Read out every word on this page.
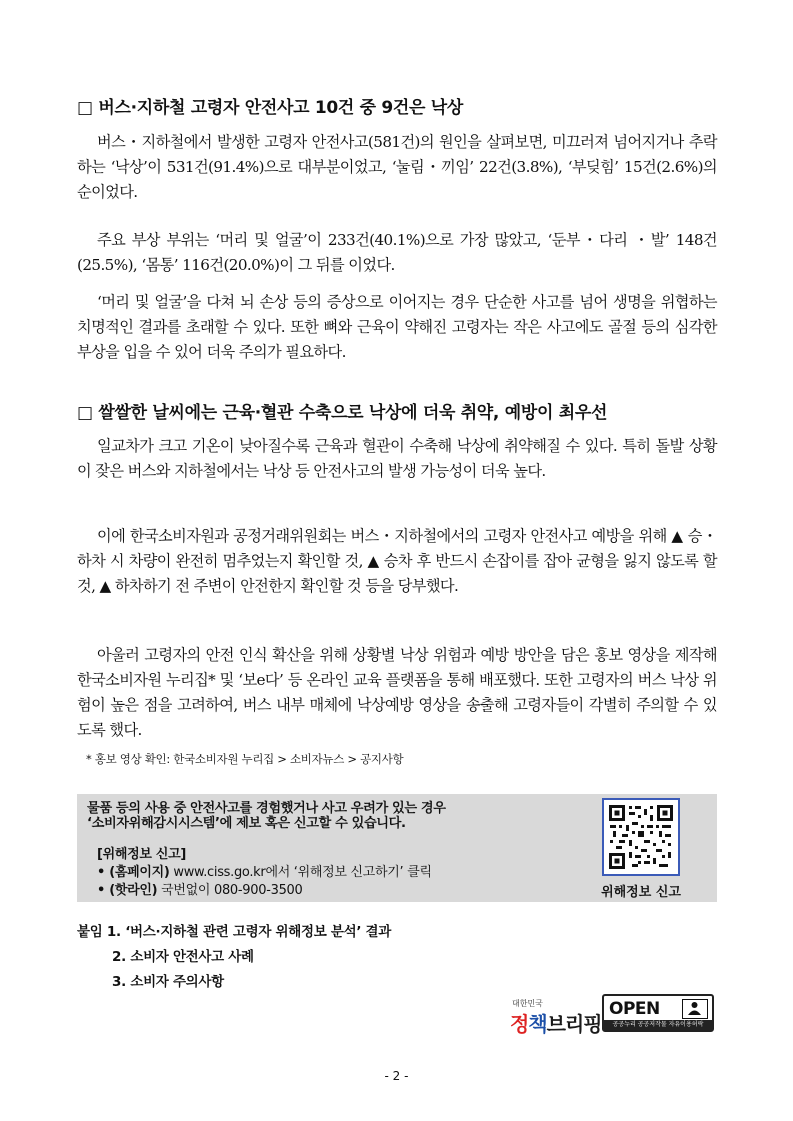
□ 버스·지하철 고령자 안전사고 10건 중 9건은 낙상

버스・지하철에서 발생한 고령자 안전사고(581건)의 원인을 살펴보면, 미끄러져 넘어지거나 추락하는 ‘낙상’이 531건(91.4%)으로 대부분이었고, ‘눌림・끼임’ 22건(3.8%), ‘부딪힘’ 15건(2.6%)의 순이었다.

주요 부상 부위는 ‘머리 및 얼굴’이 233건(40.1%)으로 가장 많았고, ‘둔부・다리 ・발’ 148건(25.5%), ‘몸통’ 116건(20.0%)이 그 뒤를 이었다.

‘머리 및 얼굴’을 다쳐 뇌 손상 등의 증상으로 이어지는 경우 단순한 사고를 넘어 생명을 위협하는 치명적인 결과를 초래할 수 있다. 또한 뼈와 근육이 약해진 고령자는 작은 사고에도 골절 등의 심각한 부상을 입을 수 있어 더욱 주의가 필요하다.

□ 쌀쌀한 날씨에는 근육·혈관 수축으로 낙상에 더욱 취약, 예방이 최우선

일교차가 크고 기온이 낮아질수록 근육과 혈관이 수축해 낙상에 취약해질 수 있다. 특히 돌발 상황이 잦은 버스와 지하철에서는 낙상 등 안전사고의 발생 가능성이 더욱 높다.

이에 한국소비자원과 공정거래위원회는 버스・지하철에서의 고령자 안전사고 예방을 위해 ▲ 승・하차 시 차량이 완전히 멈추었는지 확인할 것, ▲ 승차 후 반드시 손잡이를 잡아 균형을 잃지 않도록 할 것, ▲ 하차하기 전 주변이 안전한지 확인할 것 등을 당부했다.

아울러 고령자의 안전 인식 확산을 위해 상황별 낙상 위험과 예방 방안을 담은 홍보 영상을 제작해 한국소비자원 누리집* 및 ‘보e다’ 등 온라인 교육 플랫폼을 통해 배포했다. 또한 고령자의 버스 낙상 위험이 높은 점을 고려하여, 버스 내부 매체에 낙상예방 영상을 송출해 고령자들이 각별히 주의할 수 있도록 했다.

* 홍보 영상 확인: 한국소비자원 누리집 > 소비자뉴스 > 공지사항
물품 등의 사용 중 안전사고를 경험했거나 사고 우려가 있는 경우
‘소비자위해감시시스템’에 제보 혹은 신고할 수 있습니다.
[위해정보 신고]
• (홈페이지) www.ciss.go.kr에서 ‘위해정보 신고하기’ 클릭
• (핫라인) 국번없이 080-900-3500	위해정보 신고
붙임 1. ‘버스·지하철 관련 고령자 위해정보 분석’ 결과
2. 소비자 안전사고 사례
3. 소비자 주의사항
대한민국
정책브리핑
OPEN
공공누리 공공저작물 자유이용허락
- 2 -
